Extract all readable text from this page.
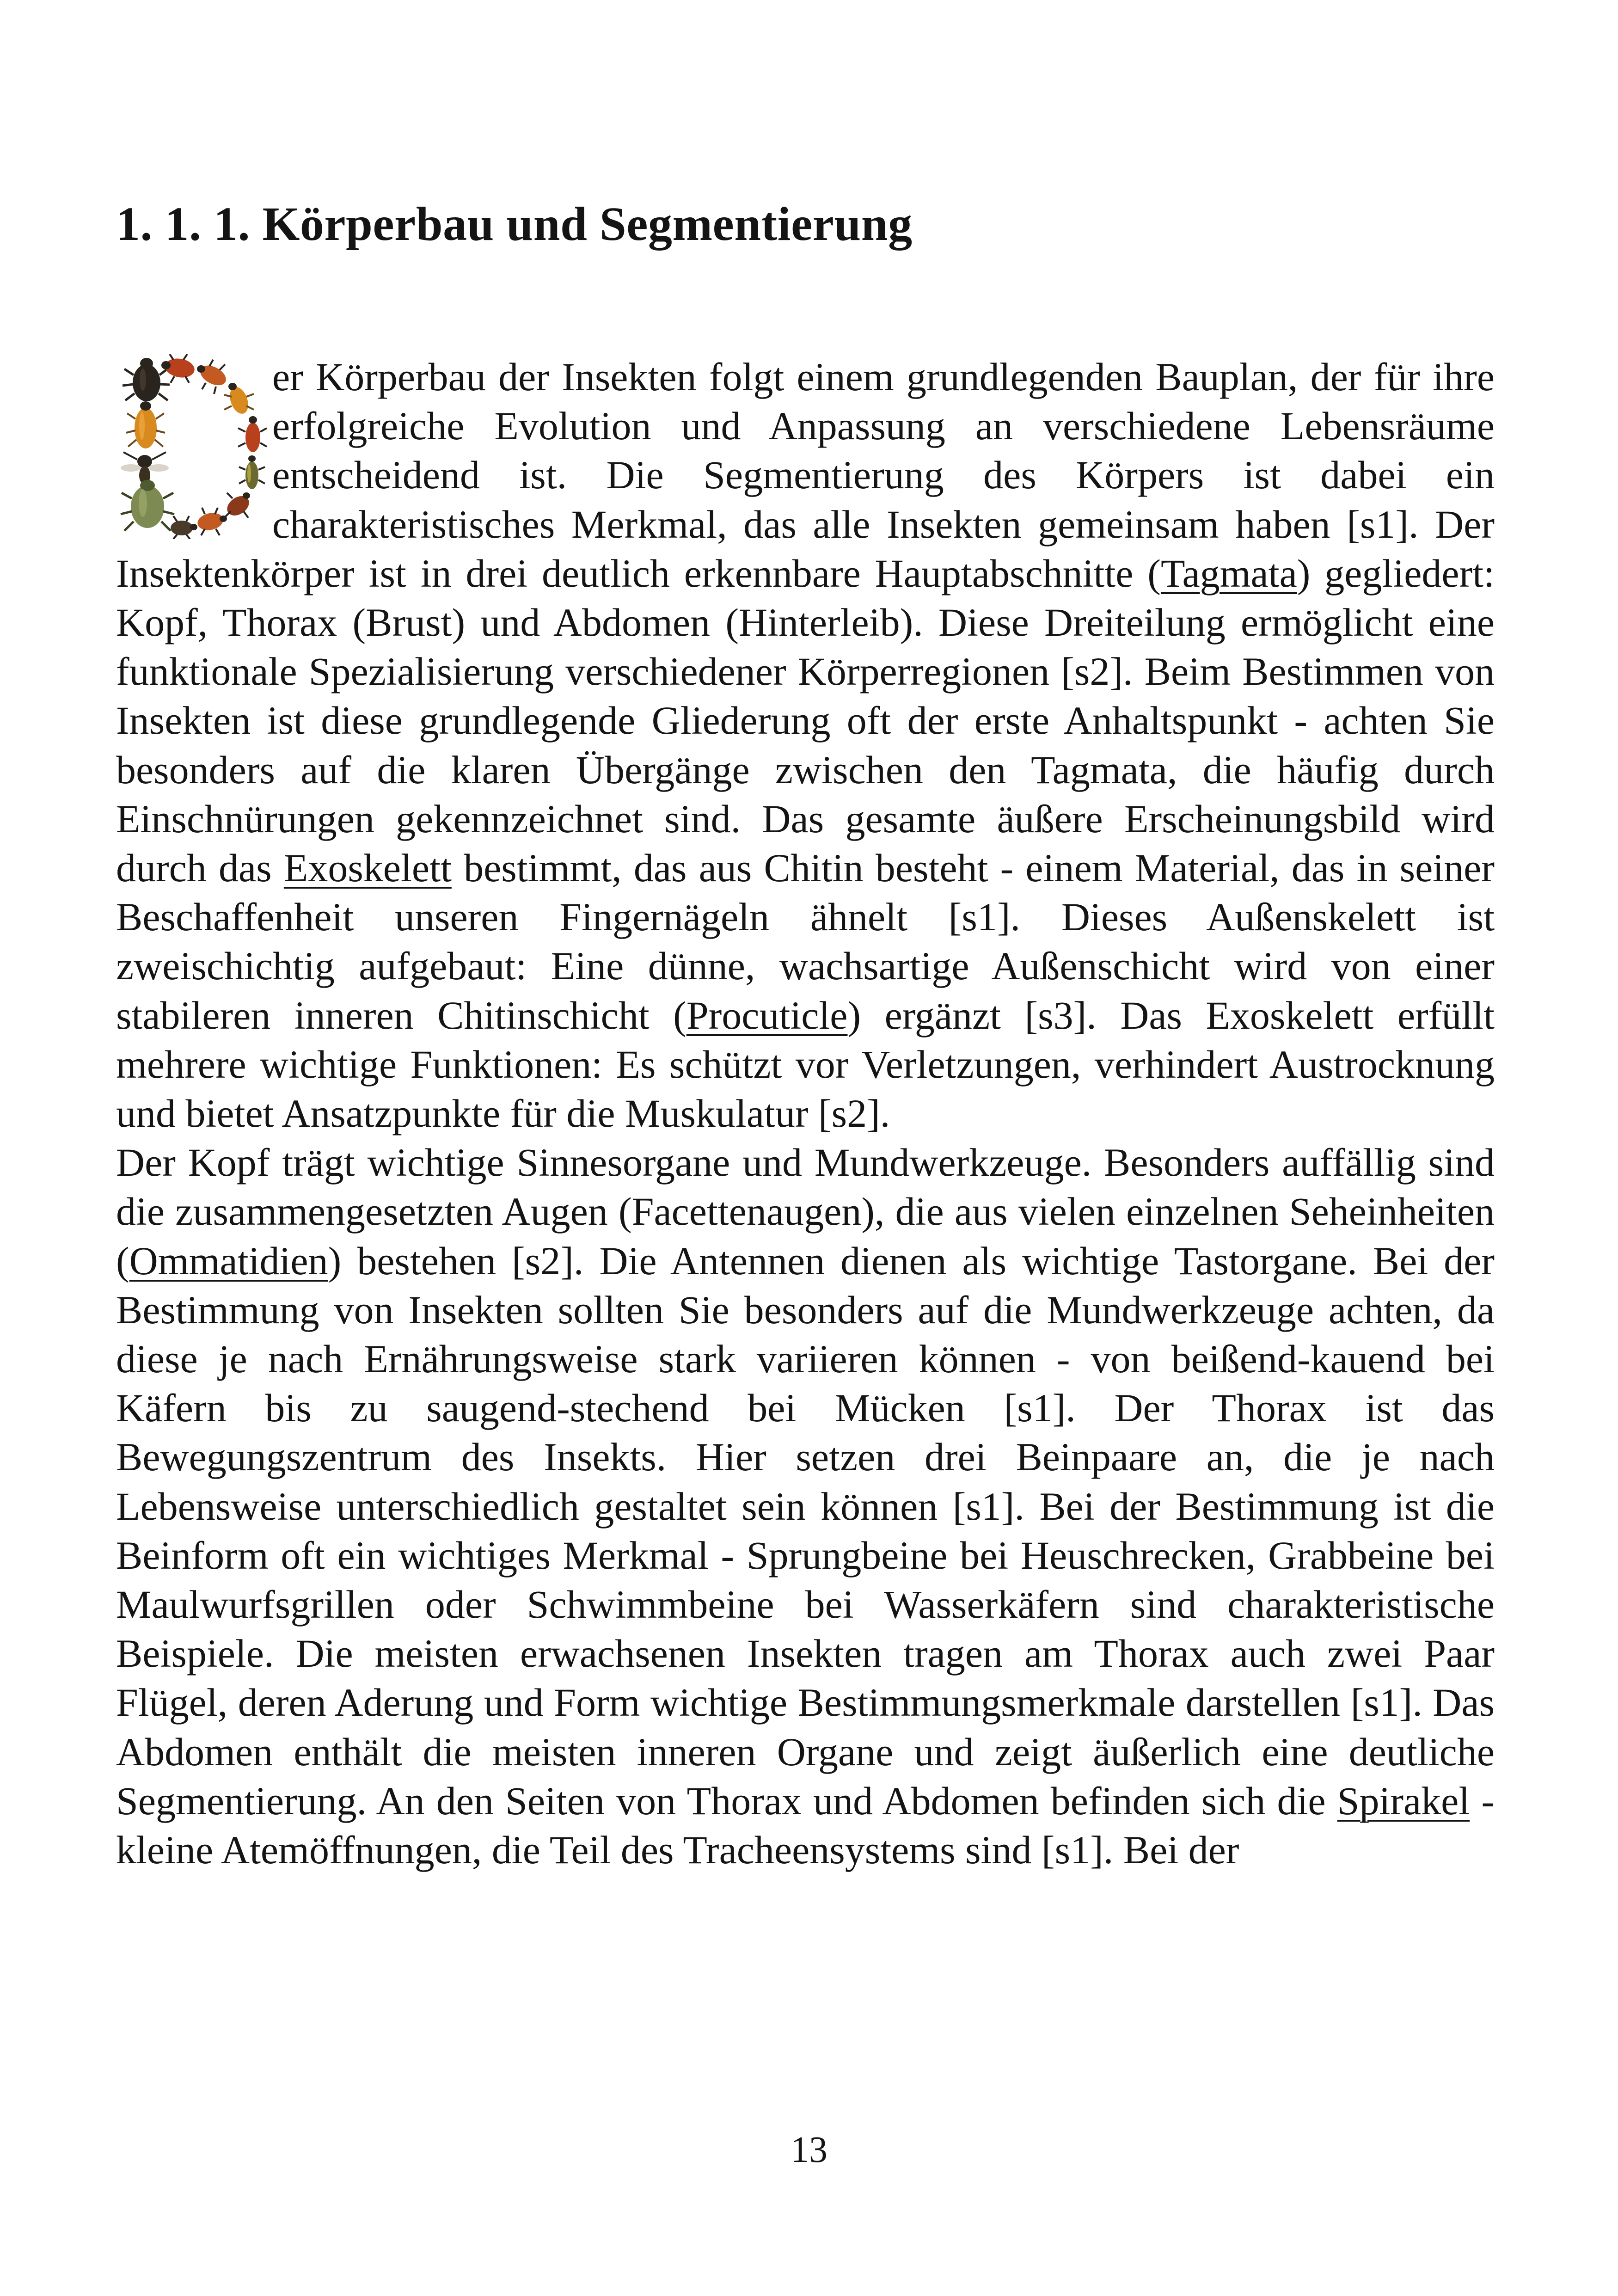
1. 1. 1. Körperbau und Segmentierung

er Körperbau der Insekten folgt einem grundlegenden Bauplan, der für ihre erfolgreiche Evolution und Anpassung an verschiedene Lebensräume entscheidend ist. Die Segmentierung des Körpers ist dabei ein charakteristisches Merkmal, das alle Insekten gemeinsam haben [s1]. Der Insektenkörper ist in drei deutlich erkennbare Hauptabschnitte (Tagmata) gegliedert: Kopf, Thorax (Brust) und Abdomen (Hinterleib). Diese Dreiteilung ermöglicht eine funktionale Spezialisierung verschiedener Körperregionen [s2]. Beim Bestimmen von Insekten ist diese grundlegende Gliederung oft der erste Anhaltspunkt - achten Sie besonders auf die klaren Übergänge zwischen den Tagmata, die häufig durch Einschnürungen gekennzeichnet sind. Das gesamte äußere Erscheinungsbild wird durch das Exoskelett bestimmt, das aus Chitin besteht - einem Material, das in seiner Beschaffenheit unseren Fingernägeln ähnelt [s1]. Dieses Außenskelett ist zweischichtig aufgebaut: Eine dünne, wachsartige Außenschicht wird von einer stabileren inneren Chitinschicht (Procuticle) ergänzt [s3]. Das Exoskelett erfüllt mehrere wichtige Funktionen: Es schützt vor Verletzungen, verhindert Austrocknung und bietet Ansatzpunkte für die Muskulatur [s2].

Der Kopf trägt wichtige Sinnesorgane und Mundwerkzeuge. Besonders auffällig sind die zusammengesetzten Augen (Facettenaugen), die aus vielen einzelnen Seheinheiten (Ommatidien) bestehen [s2]. Die Antennen dienen als wichtige Tastorgane. Bei der Bestimmung von Insekten sollten Sie besonders auf die Mundwerkzeuge achten, da diese je nach Ernährungsweise stark variieren können - von beißend-kauend bei Käfern bis zu saugend-stechend bei Mücken [s1]. Der Thorax ist das Bewegungszentrum des Insekts. Hier setzen drei Beinpaare an, die je nach Lebensweise unterschiedlich gestaltet sein können [s1]. Bei der Bestimmung ist die Beinform oft ein wichtiges Merkmal - Sprungbeine bei Heuschrecken, Grabbeine bei Maulwurfsgrillen oder Schwimmbeine bei Wasserkäfern sind charakteristische Beispiele. Die meisten erwachsenen Insekten tragen am Thorax auch zwei Paar Flügel, deren Aderung und Form wichtige Bestimmungsmerkmale darstellen [s1]. Das Abdomen enthält die meisten inneren Organe und zeigt äußerlich eine deutliche Segmentierung. An den Seiten von Thorax und Abdomen befinden sich die Spirakel - kleine Atemöffnungen, die Teil des Tracheensystems sind [s1]. Bei der

13
